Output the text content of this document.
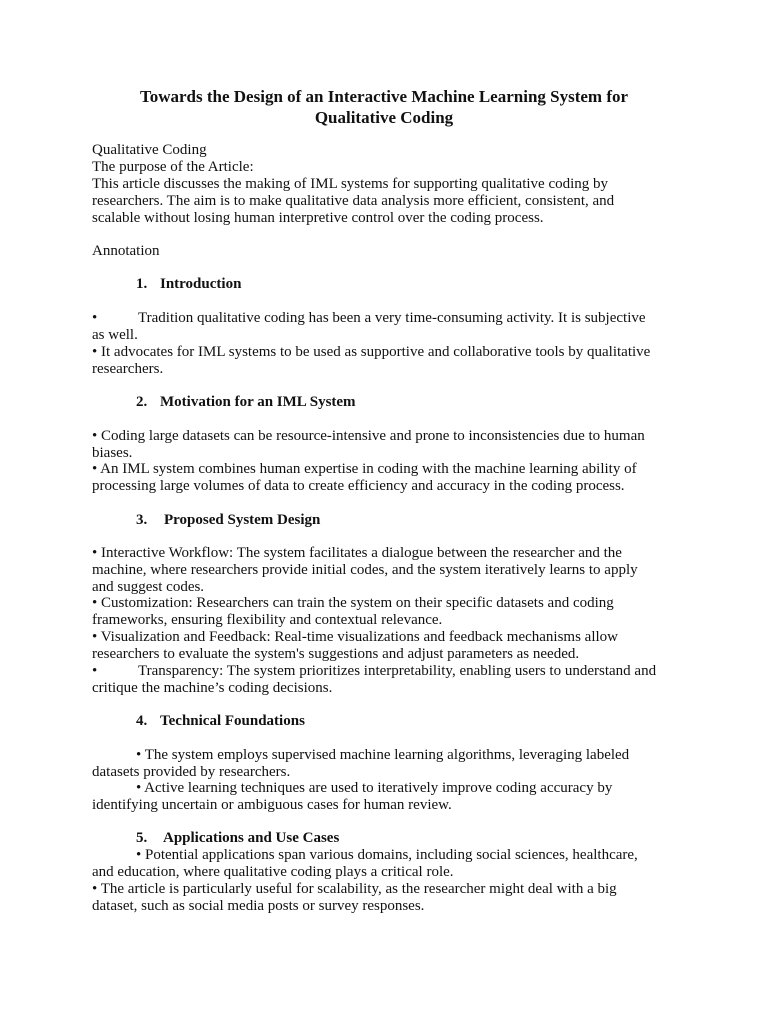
Towards the Design of an Interactive Machine Learning System for
Qualitative Coding

Qualitative Coding

The purpose of the Article:

This article discusses the making of IML systems for supporting qualitative coding by

researchers. The aim is to make qualitative data analysis more efficient, consistent, and

scalable without losing human interpretive control over the coding process.

Annotation

1. Introduction

•	Tradition qualitative coding has been a very time-consuming activity. It is subjective

as well.

• It advocates for IML systems to be used as supportive and collaborative tools by qualitative

researchers.

2. Motivation for an IML System

• Coding large datasets can be resource-intensive and prone to inconsistencies due to human

biases.

• An IML system combines human expertise in coding with the machine learning ability of

processing large volumes of data to create efficiency and accuracy in the coding process.

3. Proposed System Design

• Interactive Workflow: The system facilitates a dialogue between the researcher and the

machine, where researchers provide initial codes, and the system iteratively learns to apply

and suggest codes.

• Customization: Researchers can train the system on their specific datasets and coding

frameworks, ensuring flexibility and contextual relevance.

• Visualization and Feedback: Real-time visualizations and feedback mechanisms allow

researchers to evaluate the system's suggestions and adjust parameters as needed.

•	Transparency: The system prioritizes interpretability, enabling users to understand and

critique the machine’s coding decisions.

4. Technical Foundations

• The system employs supervised machine learning algorithms, leveraging labeled

datasets provided by researchers.

• Active learning techniques are used to iteratively improve coding accuracy by

identifying uncertain or ambiguous cases for human review.

5. Applications and Use Cases

• Potential applications span various domains, including social sciences, healthcare,

and education, where qualitative coding plays a critical role.

• The article is particularly useful for scalability, as the researcher might deal with a big

dataset, such as social media posts or survey responses.
